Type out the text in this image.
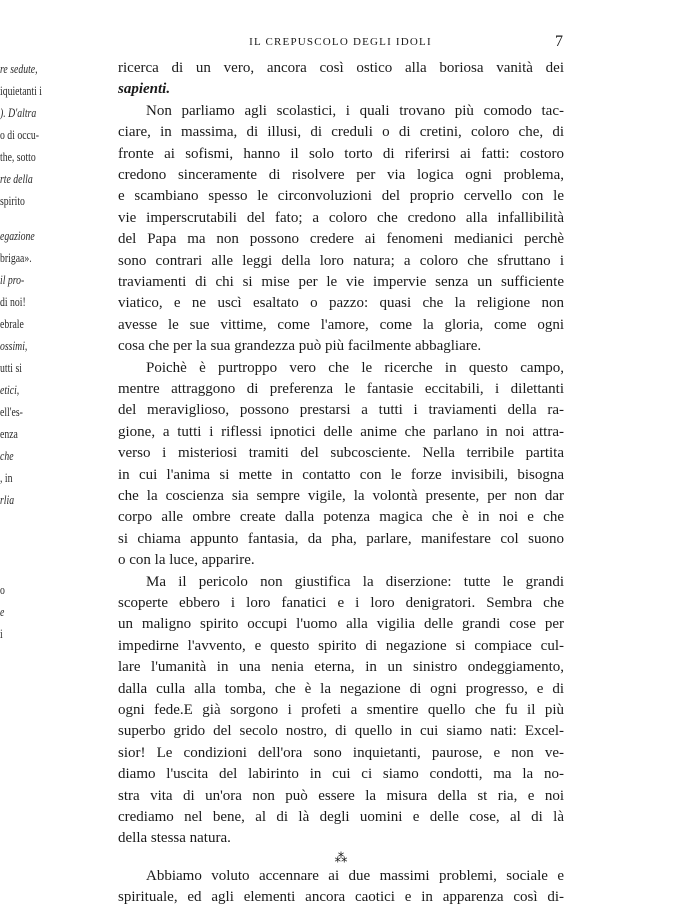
re sedute,
iquietanti i
). D'altra
o di occu-
the, sotto
rte della
spirito
egazione
brigaa».
il pro-
di noi!
ebrale
ossimi,
utti si
etici,
ell'es-
enza
che
, in
rlia
o
e
i
IL CREPUSCOLO DEGLI IDOLI	7
ricerca di un vero, ancora così ostico alla boriosa vanità dei
sapienti.
Non parliamo agli scolastici, i quali trovano più comodo tac-
ciare, in massima, di illusi, di creduli o di cretini, coloro che, di
fronte ai sofismi, hanno il solo torto di riferirsi ai fatti: costoro
credono sinceramente di risolvere per via logica ogni problema,
e scambiano spesso le circonvoluzioni del proprio cervello con le
vie imperscrutabili del fato; a coloro che credono alla infallibilità
del Papa ma non possono credere ai fenomeni medianici perchè
sono contrari alle leggi della loro natura; a coloro che sfruttano i
traviamenti di chi si mise per le vie impervie senza un sufficiente
viatico, e ne uscì esaltato o pazzo: quasi che la religione non
avesse le sue vittime, come l'amore, come la gloria, come ogni
cosa che per la sua grandezza può più facilmente abbagliare.
Poichè è purtroppo vero che le ricerche in questo campo,
mentre attraggono di preferenza le fantasie eccitabili, i dilettanti
del meraviglioso, possono prestarsi a tutti i traviamenti della ra-
gione, a tutti i riflessi ipnotici delle anime che parlano in noi attra-
verso i misteriosi tramiti del subcosciente. Nella terribile partita
in cui l'anima si mette in contatto con le forze invisibili, bisogna
che la coscienza sia sempre vigile, la volontà presente, per non dar
corpo alle ombre create dalla potenza magica che è in noi e che
si chiama appunto fantasia, da pha, parlare, manifestare col suono
o con la luce, apparire.
Ma il pericolo non giustifica la diserzione: tutte le grandi
scoperte ebbero i loro fanatici e i loro denigratori. Sembra che
un maligno spirito occupi l'uomo alla vigilia delle grandi cose per
impedirne l'avvento, e questo spirito di negazione si compiace cul-
lare l'umanità in una nenia eterna, in un sinistro ondeggiamento,
dalla culla alla tomba, che è la negazione di ogni progresso, e di
ogni fede.E già sorgono i profeti a smentire quello che fu il più
superbo grido del secolo nostro, di quello in cui siamo nati: Excel-
sior! Le condizioni dell'ora sono inquietanti, paurose, e non ve-
diamo l'uscita del labirinto in cui ci siamo condotti, ma la no-
stra vita di un'ora non può essere la misura della st ria, e noi
crediamo nel bene, al di là degli uomini e delle cose, al di là
della stessa natura.
⁂
Abbiamo voluto accennare ai due massimi problemi, sociale e
spirituale, ed agli elementi ancora caotici e in apparenza così di-
